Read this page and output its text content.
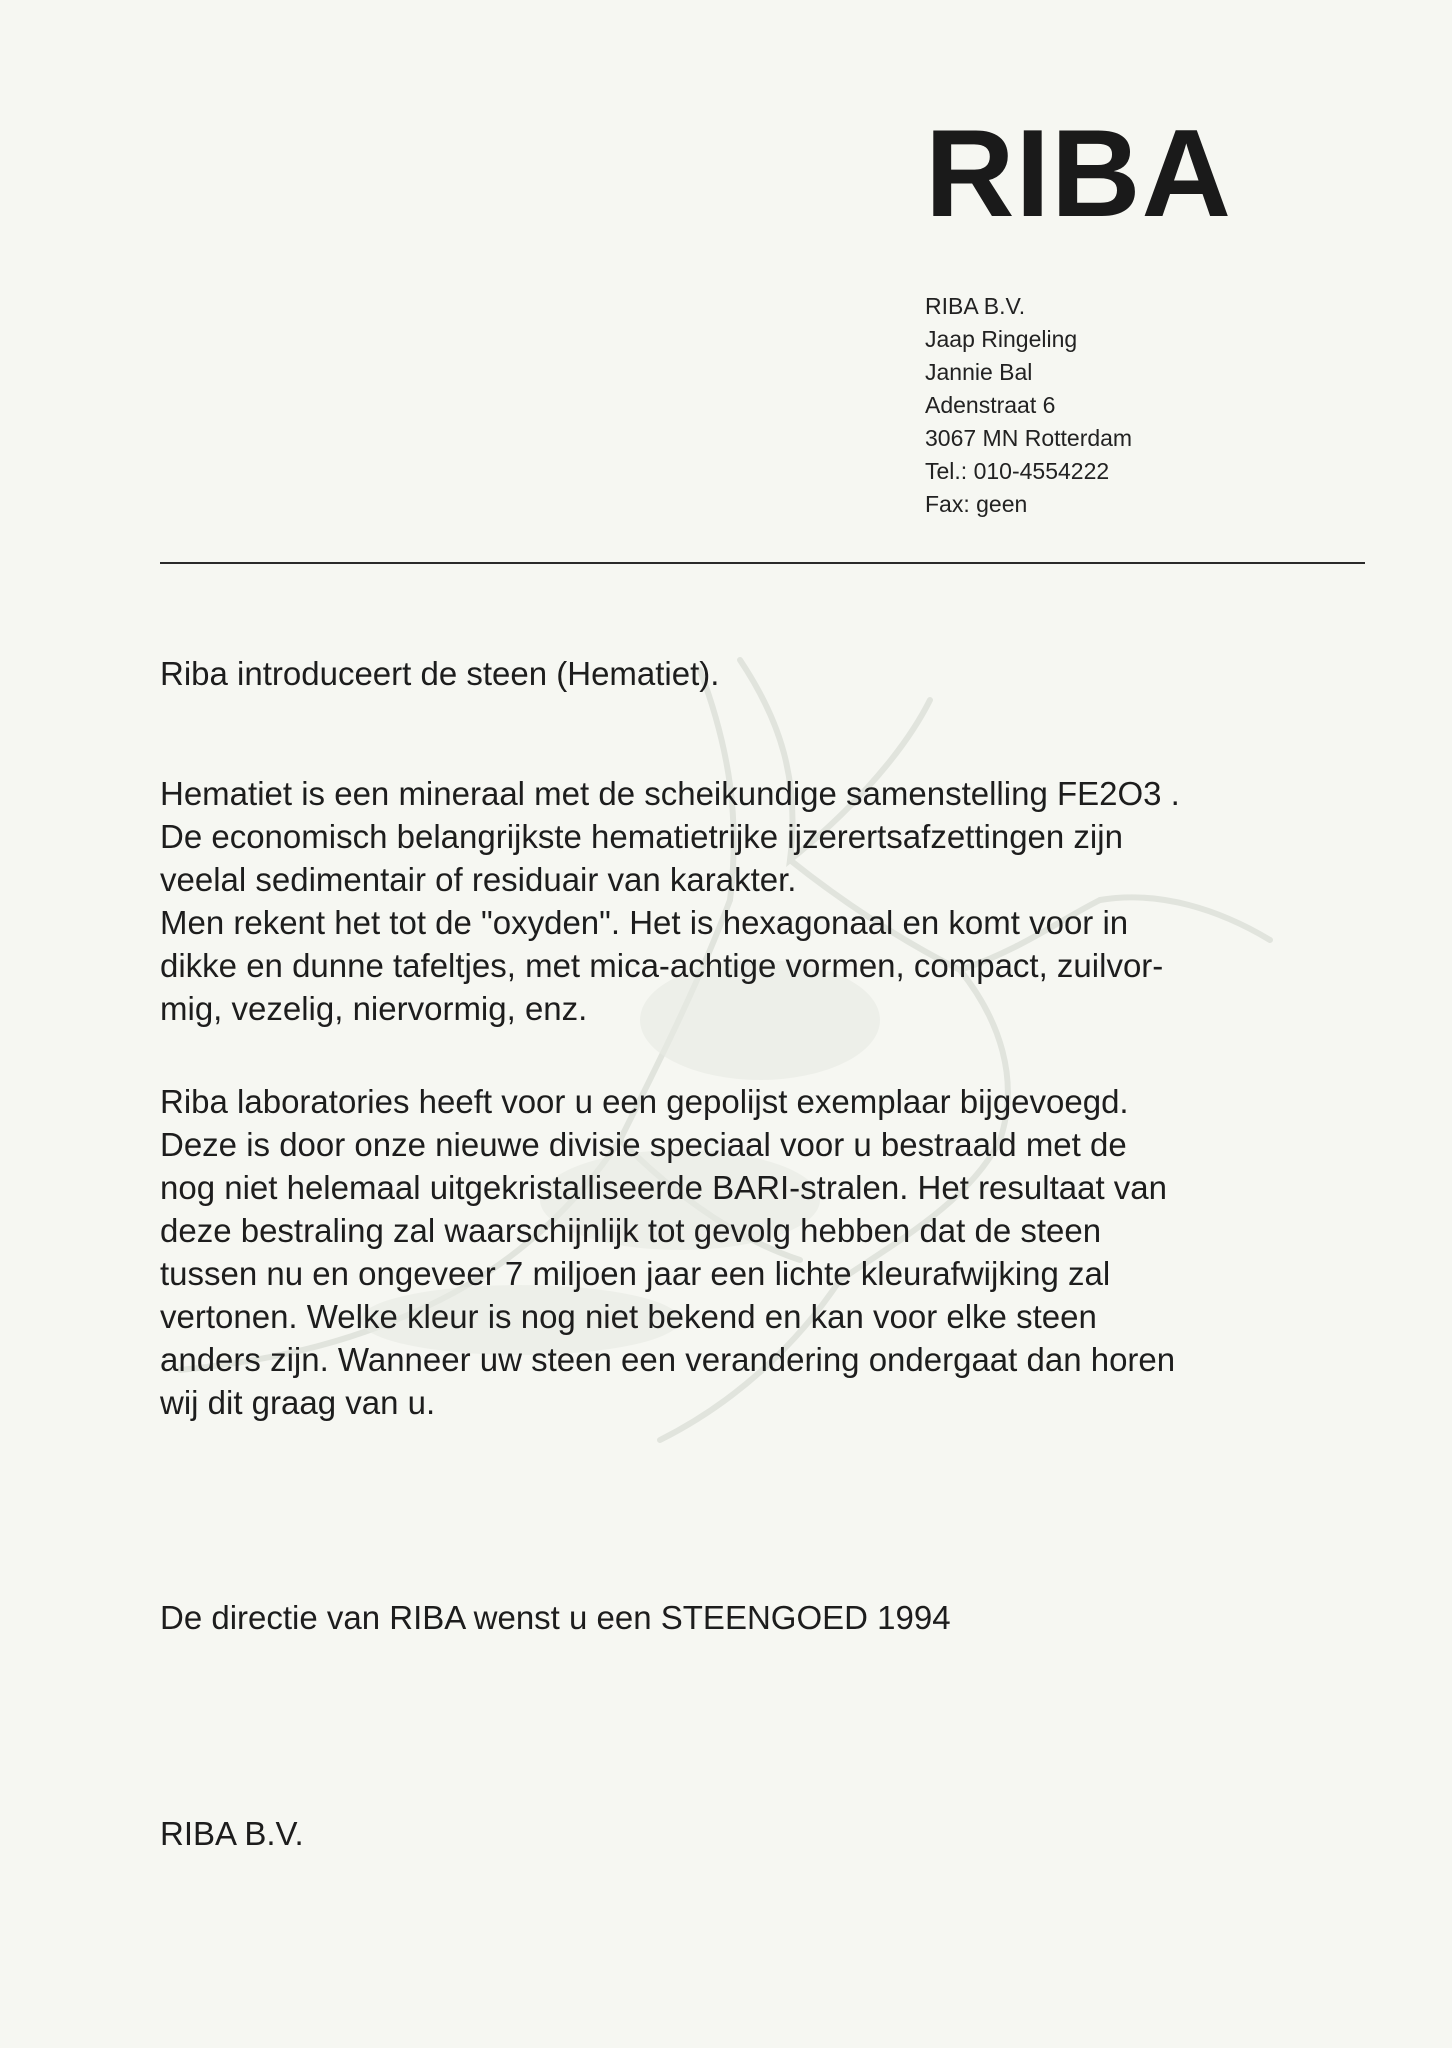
RIBA
RIBA B.V.
Jaap Ringeling
Jannie Bal
Adenstraat 6
3067 MN Rotterdam
Tel.: 010-4554222
Fax: geen
Riba introduceert de steen (Hematiet).
Hematiet is een mineraal met de scheikundige samenstelling FE2O3 .
De economisch belangrijkste hematietrijke ijzerertsafzettingen zijn
veelal sedimentair of residuair van karakter.
Men rekent het tot de "oxyden". Het is hexagonaal en komt voor in
dikke en dunne tafeltjes, met mica-achtige vormen, compact, zuilvor-
mig, vezelig, niervormig, enz.
Riba laboratories heeft voor u een gepolijst exemplaar bijgevoegd.
Deze is door onze nieuwe divisie speciaal voor u bestraald met de
nog niet helemaal uitgekristalliseerde BARI-stralen. Het resultaat van
deze bestraling zal waarschijnlijk tot gevolg hebben dat de steen
tussen nu en ongeveer 7 miljoen jaar een lichte kleurafwijking zal
vertonen. Welke kleur is nog niet bekend en kan voor elke steen
anders zijn. Wanneer uw steen een verandering ondergaat dan horen
wij dit graag van u.
De directie van RIBA wenst u een STEENGOED 1994
RIBA B.V.
